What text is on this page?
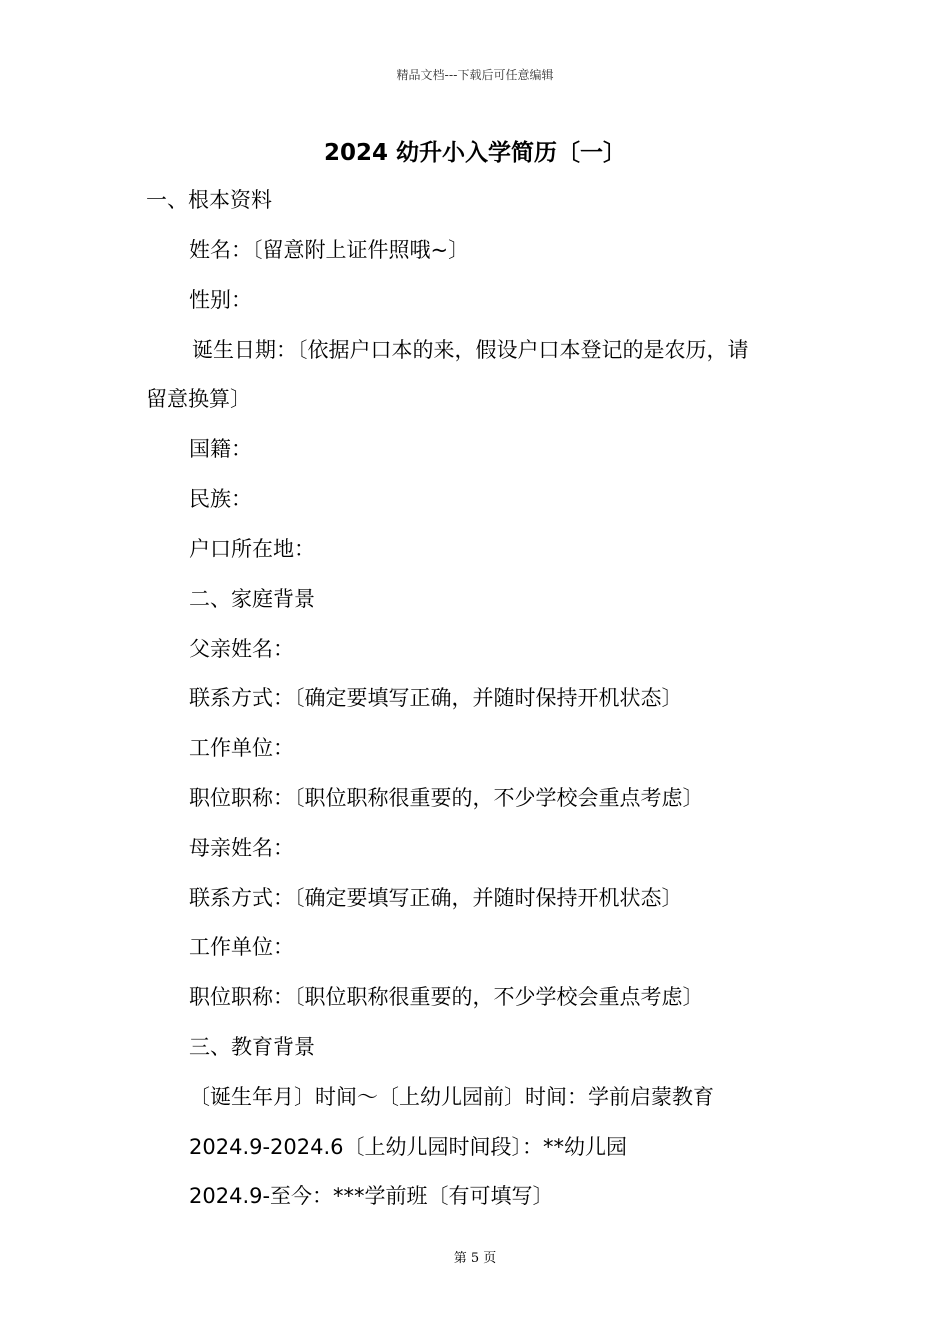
精品文档---下载后可任意编辑
2024 幼升小入学简历〔一〕
一、根本资料
姓名：〔留意附上证件照哦~〕
性别：
诞生日期：〔依据户口本的来，假设户口本登记的是农历，请
留意换算〕
国籍：
民族：
户口所在地：
二、家庭背景
父亲姓名：
联系方式：〔确定要填写正确，并随时保持开机状态〕
工作单位：
职位职称：〔职位职称很重要的，不少学校会重点考虑〕
母亲姓名：
联系方式：〔确定要填写正确，并随时保持开机状态〕
工作单位：
职位职称：〔职位职称很重要的，不少学校会重点考虑〕
三、教育背景
〔诞生年月〕时间～〔上幼儿园前〕时间：学前启蒙教育
2024.9-2024.6〔上幼儿园时间段〕：**幼儿园
2024.9-至今：***学前班〔有可填写〕
第 5 页
